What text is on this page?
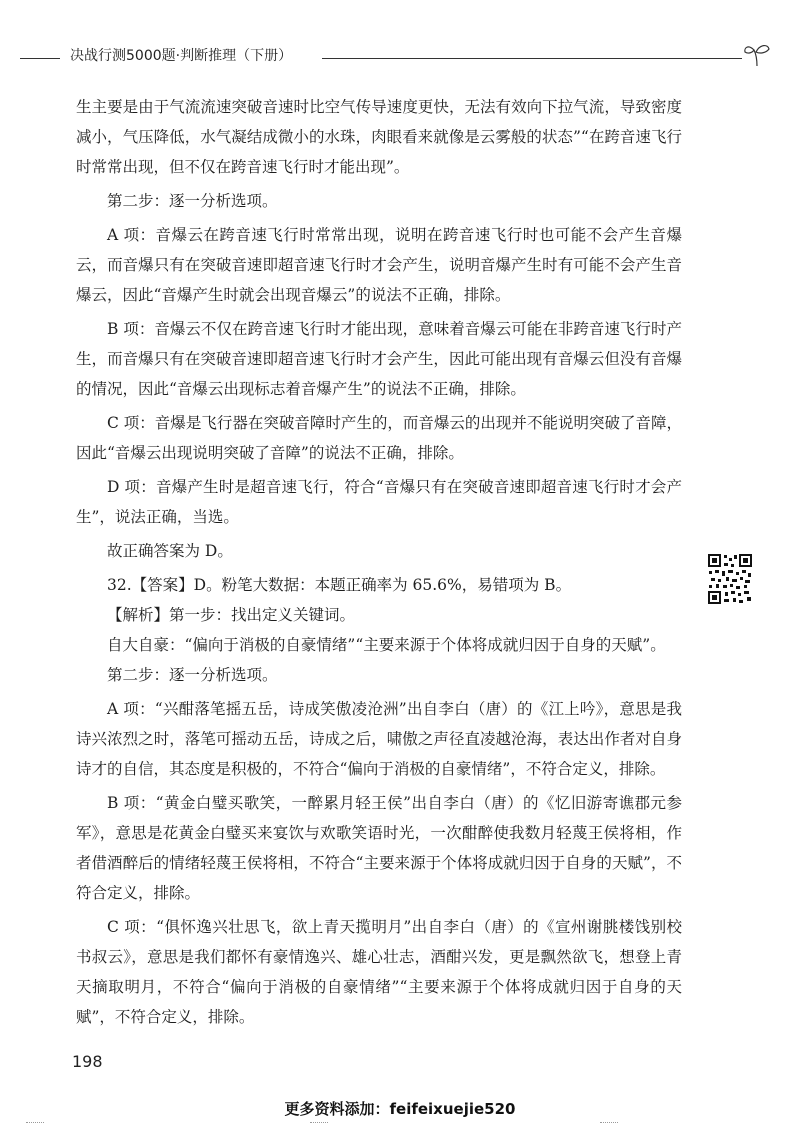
决战行测5000题·判断推理（下册）

生主要是由于气流流速突破音速时比空气传导速度更快，无法有效向下拉气流，导致密度减小，气压降低，水气凝结成微小的水珠，肉眼看来就像是云雾般的状态”“在跨音速飞行时常常出现，但不仅在跨音速飞行时才能出现”。

第二步：逐一分析选项。

A 项：音爆云在跨音速飞行时常常出现，说明在跨音速飞行时也可能不会产生音爆云，而音爆只有在突破音速即超音速飞行时才会产生，说明音爆产生时有可能不会产生音爆云，因此“音爆产生时就会出现音爆云”的说法不正确，排除。

B 项：音爆云不仅在跨音速飞行时才能出现，意味着音爆云可能在非跨音速飞行时产生，而音爆只有在突破音速即超音速飞行时才会产生，因此可能出现有音爆云但没有音爆的情况，因此“音爆云出现标志着音爆产生”的说法不正确，排除。

C 项：音爆是飞行器在突破音障时产生的，而音爆云的出现并不能说明突破了音障，因此“音爆云出现说明突破了音障”的说法不正确，排除。

D 项：音爆产生时是超音速飞行，符合“音爆只有在突破音速即超音速飞行时才会产生”，说法正确，当选。

故正确答案为 D。

32.【答案】D。粉笔大数据：本题正确率为 65.6%，易错项为 B。

【解析】第一步：找出定义关键词。

自大自豪：“偏向于消极的自豪情绪”“主要来源于个体将成就归因于自身的天赋”。

第二步：逐一分析选项。

A 项：“兴酣落笔摇五岳，诗成笑傲凌沧洲”出自李白（唐）的《江上吟》，意思是我诗兴浓烈之时，落笔可摇动五岳，诗成之后，啸傲之声径直凌越沧海，表达出作者对自身诗才的自信，其态度是积极的，不符合“偏向于消极的自豪情绪”，不符合定义，排除。

B 项：“黄金白璧买歌笑，一醉累月轻王侯”出自李白（唐）的《忆旧游寄谯郡元参军》，意思是花黄金白璧买来宴饮与欢歌笑语时光，一次酣醉使我数月轻蔑王侯将相，作者借酒醉后的情绪轻蔑王侯将相，不符合“主要来源于个体将成就归因于自身的天赋”，不符合定义，排除。

C 项：“俱怀逸兴壮思飞，欲上青天揽明月”出自李白（唐）的《宣州谢朓楼饯别校书叔云》，意思是我们都怀有豪情逸兴、雄心壮志，酒酣兴发，更是飘然欲飞，想登上青天摘取明月，不符合“偏向于消极的自豪情绪”“主要来源于个体将成就归因于自身的天赋”，不符合定义，排除。

198
更多资料添加：feifeixuejie520
